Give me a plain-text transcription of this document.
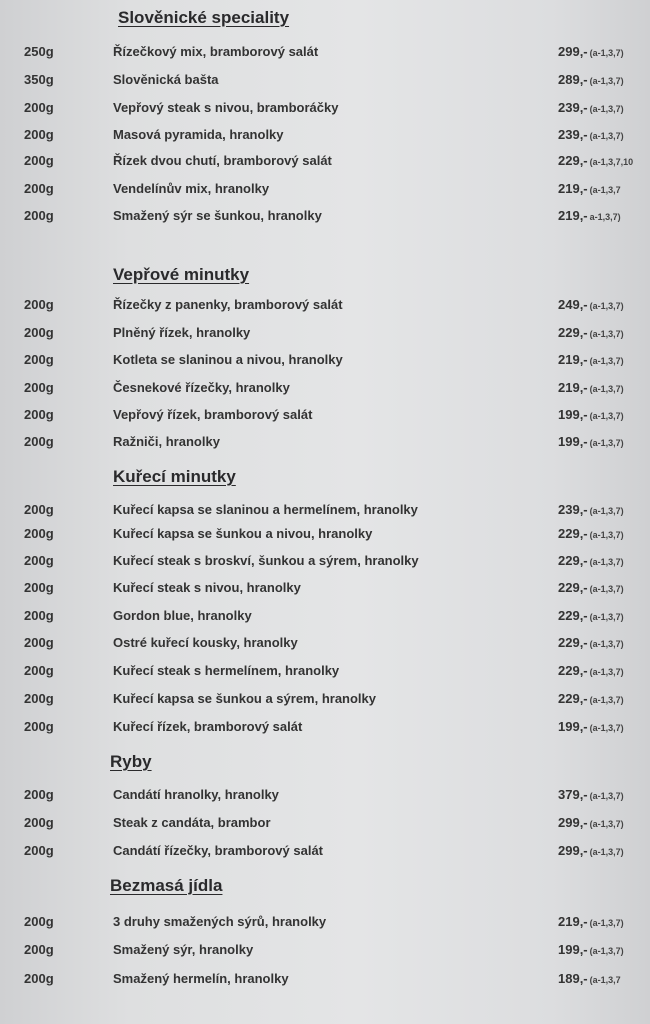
Slověnické speciality
250g	Řízečkový mix, bramborový salát	299,- (a-1,3,7)
350g	Slověnická bašta	289,- (a-1,3,7)
200g	Vepřový steak s nivou, bramboráčky	239,- (a-1,3,7)
200g	Masová pyramida, hranolky	239,- (a-1,3,7)
200g	Řízek dvou chutí, bramborový salát	229,- (a-1,3,7,10
200g	Vendelínův mix, hranolky	219,- (a-1,3,7
200g	Smažený sýr se šunkou, hranolky	219,- a-1,3,7)
Vepřové minutky
200g	Řízečky z panenky, bramborový salát	249,- (a-1,3,7)
200g	Plněný řízek, hranolky	229,- (a-1,3,7)
200g	Kotleta se slaninou a nivou, hranolky	219,- (a-1,3,7)
200g	Česnekové řízečky, hranolky	219,- (a-1,3,7)
200g	Vepřový řízek, bramborový salát	199,- (a-1,3,7)
200g	Ražniči, hranolky	199,- (a-1,3,7)
Kuřecí minutky
200g	Kuřecí kapsa se slaninou a hermelínem, hranolky	239,- (a-1,3,7)
200g	Kuřecí kapsa se šunkou a nivou, hranolky	229,- (a-1,3,7)
200g	Kuřecí steak s broskví, šunkou a sýrem, hranolky	229,- (a-1,3,7)
200g	Kuřecí steak s nivou, hranolky	229,- (a-1,3,7)
200g	Gordon blue, hranolky	229,- (a-1,3,7)
200g	Ostré kuřecí kousky, hranolky	229,- (a-1,3,7)
200g	Kuřecí steak s hermelínem, hranolky	229,- (a-1,3,7)
200g	Kuřecí kapsa se šunkou a sýrem, hranolky	229,- (a-1,3,7)
200g	Kuřecí řízek, bramborový salát	199,- (a-1,3,7)
Ryby
200g	Candátí hranolky, hranolky	379,- (a-1,3,7)
200g	Steak z candáta, brambor	299,- (a-1,3,7)
200g	Candátí řízečky, bramborový salát	299,- (a-1,3,7)
Bezmasá jídla
200g	3 druhy smažených sýrů, hranolky	219,- (a-1,3,7)
200g	Smažený sýr, hranolky	199,- (a-1,3,7)
200g	Smažený hermelín, hranolky	189,- (a-1,3,7
